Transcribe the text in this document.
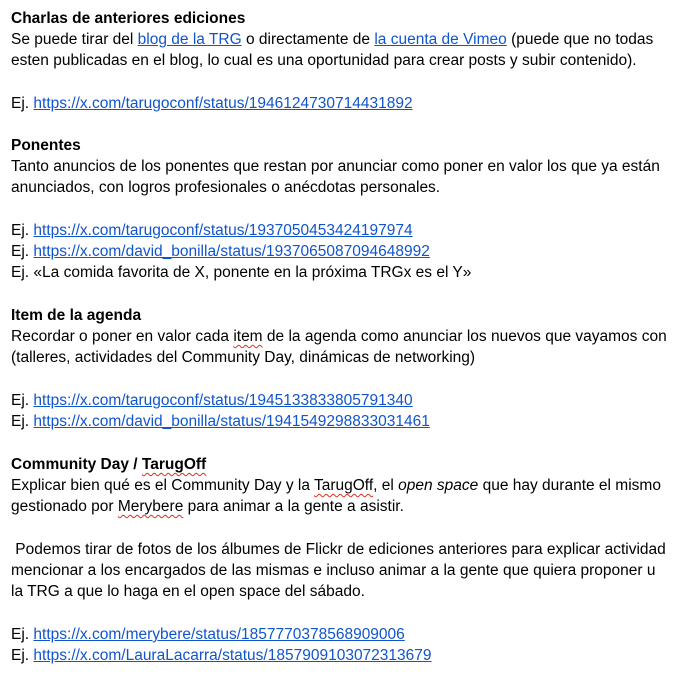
Charlas de anteriores ediciones
Se puede tirar del blog de la TRG o directamente de la cuenta de Vimeo (puede que no todas
esten publicadas en el blog, lo cual es una oportunidad para crear posts y subir contenido).
Ej. https://x.com/tarugoconf/status/1946124730714431892
Ponentes
Tanto anuncios de los ponentes que restan por anunciar como poner en valor los que ya están
anunciados, con logros profesionales o anécdotas personales.
Ej. https://x.com/tarugoconf/status/1937050453424197974
Ej. https://x.com/david_bonilla/status/1937065087094648992
Ej. «La comida favorita de X, ponente en la próxima TRGx es el Y»
Item de la agenda
Recordar o poner en valor cada item de la agenda como anunciar los nuevos que vayamos con
(talleres, actividades del Community Day, dinámicas de networking)
Ej. https://x.com/tarugoconf/status/1945133833805791340
Ej. https://x.com/david_bonilla/status/1941549298833031461
Community Day / TarugOff
Explicar bien qué es el Community Day y la TarugOff, el open space que hay durante el mismo
gestionado por Merybere para animar a la gente a asistir.
Podemos tirar de fotos de los álbumes de Flickr de ediciones anteriores para explicar actividad
mencionar a los encargados de las mismas e incluso animar a la gente que quiera proponer u
la TRG a que lo haga en el open space del sábado.
Ej. https://x.com/merybere/status/1857770378568909006
Ej. https://x.com/LauraLacarra/status/1857909103072313679
